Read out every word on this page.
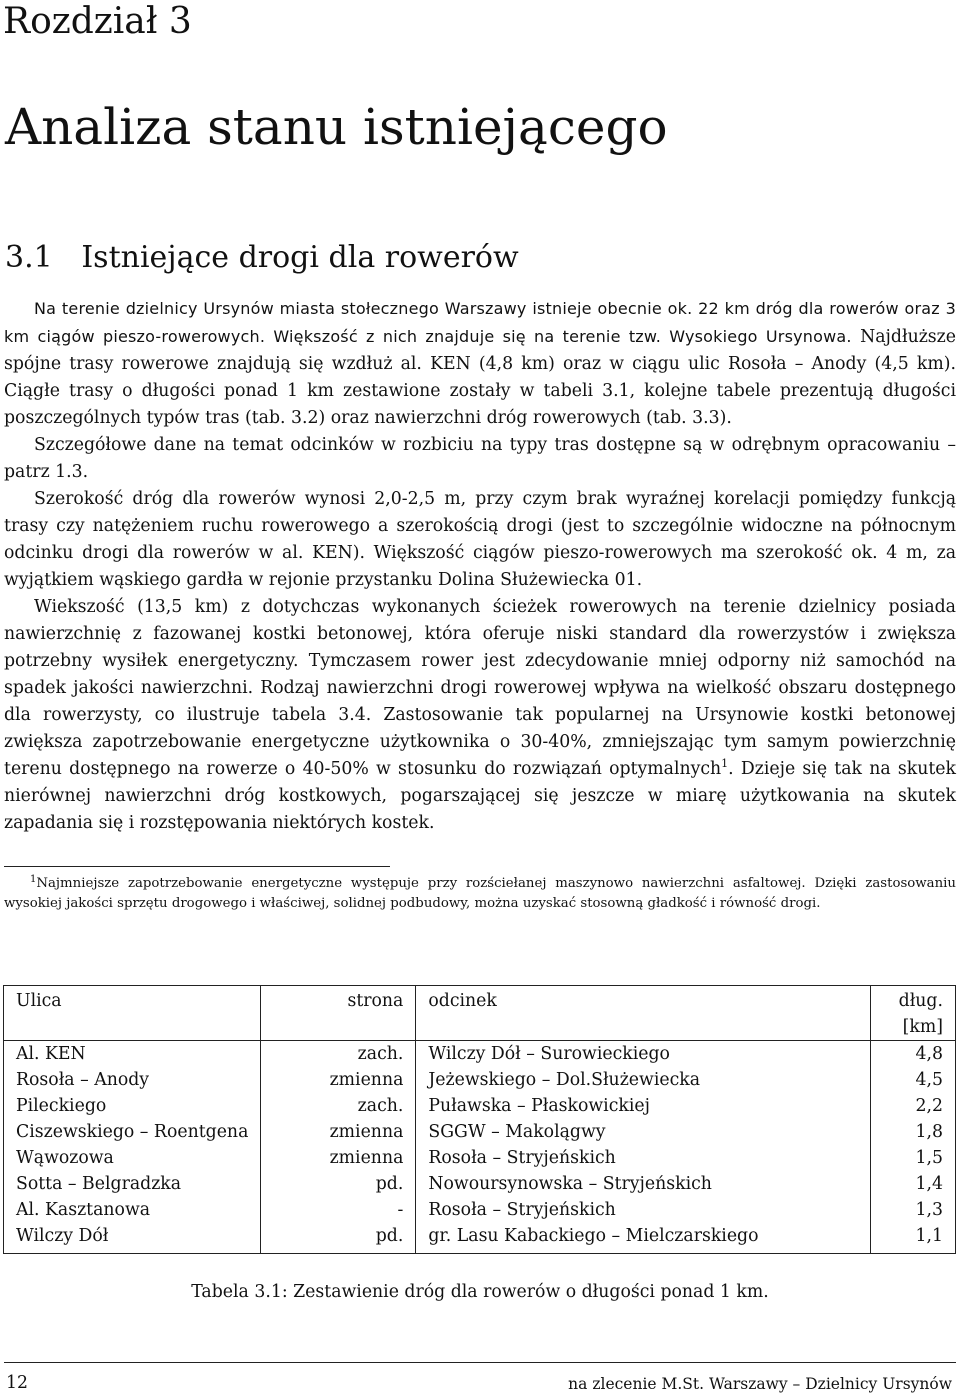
Rozdział 3
Analiza stanu istniejącego
3.1 Istniejące drogi dla rowerów

Na terenie dzielnicy Ursynów miasta stołecznego Warszawy istnieje obecnie ok. 22 km dróg dla rowerów oraz 3 km ciągów pieszo-rowerowych. Większość z nich znajduje się na terenie tzw. Wysokiego Ursynowa. Najdłuższe spójne trasy rowerowe znajdują się wzdłuż al. KEN (4,8 km) oraz w ciągu ulic Rosoła – Anody (4,5 km). Ciągłe trasy o długości ponad 1 km zestawione zostały w tabeli 3.1, kolejne tabele prezentują długości poszczególnych typów tras (tab. 3.2) oraz nawierzchni dróg rowerowych (tab. 3.3).

Szczegółowe dane na temat odcinków w rozbiciu na typy tras dostępne są w odrębnym opracowaniu – patrz 1.3.

Szerokość dróg dla rowerów wynosi 2,0-2,5 m, przy czym brak wyraźnej korelacji pomiędzy funkcją trasy czy natężeniem ruchu rowerowego a szerokością drogi (jest to szczególnie widoczne na północnym odcinku drogi dla rowerów w al. KEN). Większość ciągów pieszo-rowerowych ma szerokość ok. 4 m, za wyjątkiem wąskiego gardła w rejonie przystanku Dolina Służewiecka 01.

Wiekszość (13,5 km) z dotychczas wykonanych ścieżek rowerowych na terenie dzielnicy posiada nawierzchnię z fazowanej kostki betonowej, która oferuje niski standard dla rowerzystów i zwiększa potrzebny wysiłek energetyczny. Tymczasem rower jest zdecydowanie mniej odporny niż samochód na spadek jakości nawierzchni. Rodzaj nawierzchni drogi rowerowej wpływa na wielkość obszaru dostępnego dla rowerzysty, co ilustruje tabela 3.4. Zastosowanie tak popularnej na Ursynowie kostki betonowej zwiększa zapotrzebowanie energetyczne użytkownika o 30-40%, zmniejszając tym samym powierzchnię terenu dostępnego na rowerze o 40-50% w stosunku do rozwiązań optymalnych$^1$. Dzieje się tak na skutek nierównej nawierzchni dróg kostkowych, pogarszającej się jeszcze w miarę użytkowania na skutek zapadania się i rozstępowania niektórych kostek.

$^1$Najmniejsze zapotrzebowanie energetyczne występuje przy rozściełanej maszynowo nawierzchni asfaltowej. Dzięki zastosowaniu wysokiej jakości sprzętu drogowego i właściwej, solidnej podbudowy, można uzyskać stosowną gładkość i równość drogi.

Ulica	strona	odcinek	dług.
[km]
Al. KEN	zach.	Wilczy Dół – Surowieckiego	4,8
Rosoła – Anody	zmienna	Jeżewskiego – Dol.Służewiecka	4,5
Pileckiego	zach.	Puławska – Płaskowickiej	2,2
Ciszewskiego – Roentgena	zmienna	SGGW – Makolągwy	1,8
Wąwozowa	zmienna	Rosoła – Stryjeńskich	1,5
Sotta – Belgradzka	pd.	Nowoursynowska – Stryjeńskich	1,4
Al. Kasztanowa	-	Rosoła – Stryjeńskich	1,3
Wilczy Dół	pd.	gr. Lasu Kabackiego – Mielczarskiego	1,1
Tabela 3.1: Zestawienie dróg dla rowerów o długości ponad 1 km.
12	na zlecenie M.St. Warszawy – Dzielnicy Ursynów
